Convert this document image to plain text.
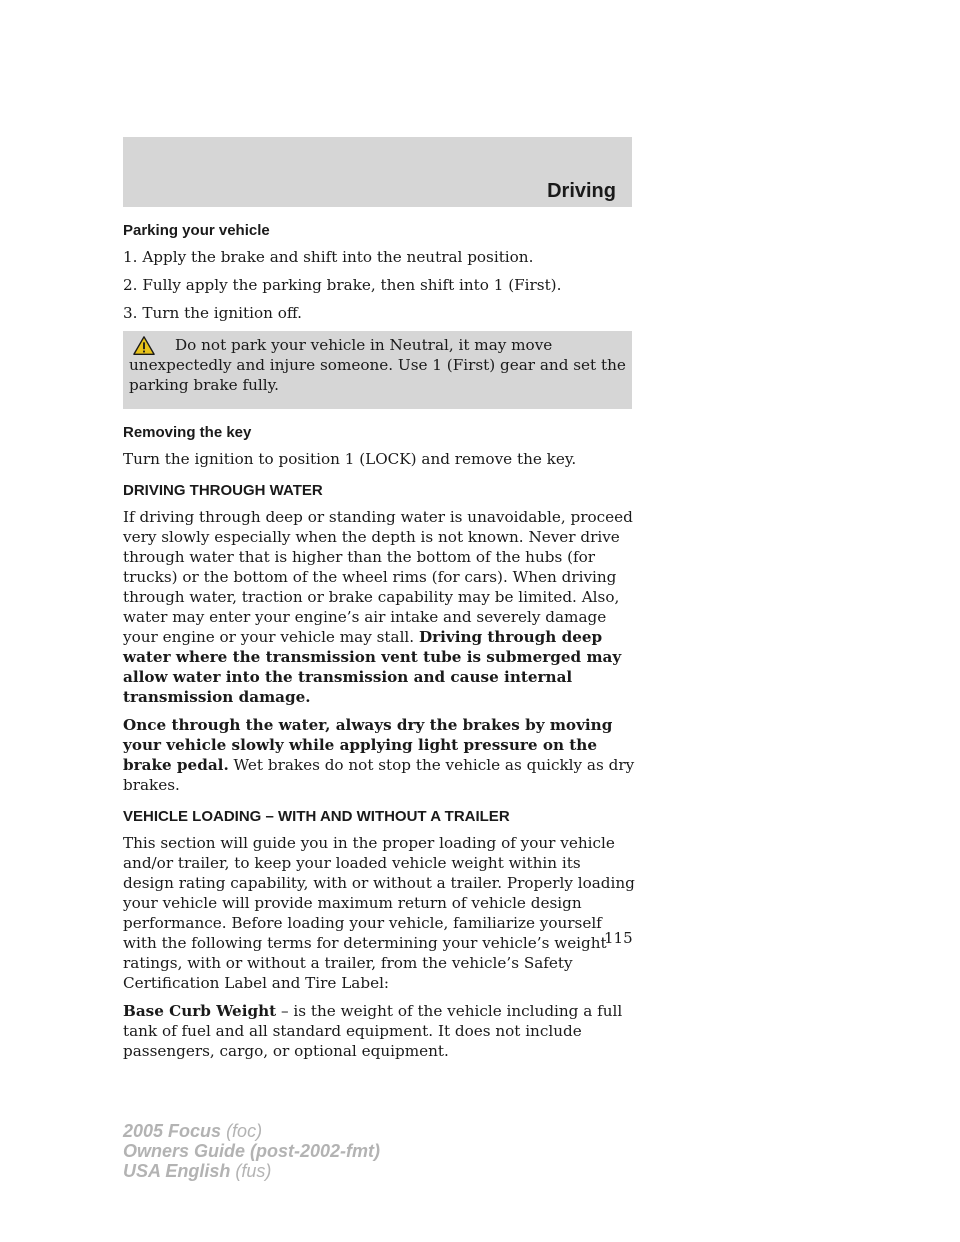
Driving
Parking your vehicle

1. Apply the brake and shift into the neutral position.

2. Fully apply the parking brake, then shift into 1 (First).

3. Turn the ignition off.

Do not park your vehicle in Neutral, it may move unexpectedly and injure someone. Use 1 (First) gear and set the parking brake fully.

Removing the key

Turn the ignition to position 1 (LOCK) and remove the key.

DRIVING THROUGH WATER

If driving through deep or standing water is unavoidable, proceed very slowly especially when the depth is not known. Never drive through water that is higher than the bottom of the hubs (for trucks) or the bottom of the wheel rims (for cars). When driving through water, traction or brake capability may be limited. Also, water may enter your engine’s air intake and severely damage your engine or your vehicle may stall. Driving through deep water where the transmission vent tube is submerged may allow water into the transmission and cause internal transmission damage.

Once through the water, always dry the brakes by moving your vehicle slowly while applying light pressure on the brake pedal. Wet brakes do not stop the vehicle as quickly as dry brakes.

VEHICLE LOADING – WITH AND WITHOUT A TRAILER

This section will guide you in the proper loading of your vehicle and/or trailer, to keep your loaded vehicle weight within its design rating capability, with or without a trailer. Properly loading your vehicle will provide maximum return of vehicle design performance. Before loading your vehicle, familiarize yourself with the following terms for determining your vehicle’s weight ratings, with or without a trailer, from the vehicle’s Safety Certification Label and Tire Label:

Base Curb Weight – is the weight of the vehicle including a full tank of fuel and all standard equipment. It does not include passengers, cargo, or optional equipment.

115
2005 Focus (foc)
Owners Guide (post-2002-fmt)
USA English (fus)
